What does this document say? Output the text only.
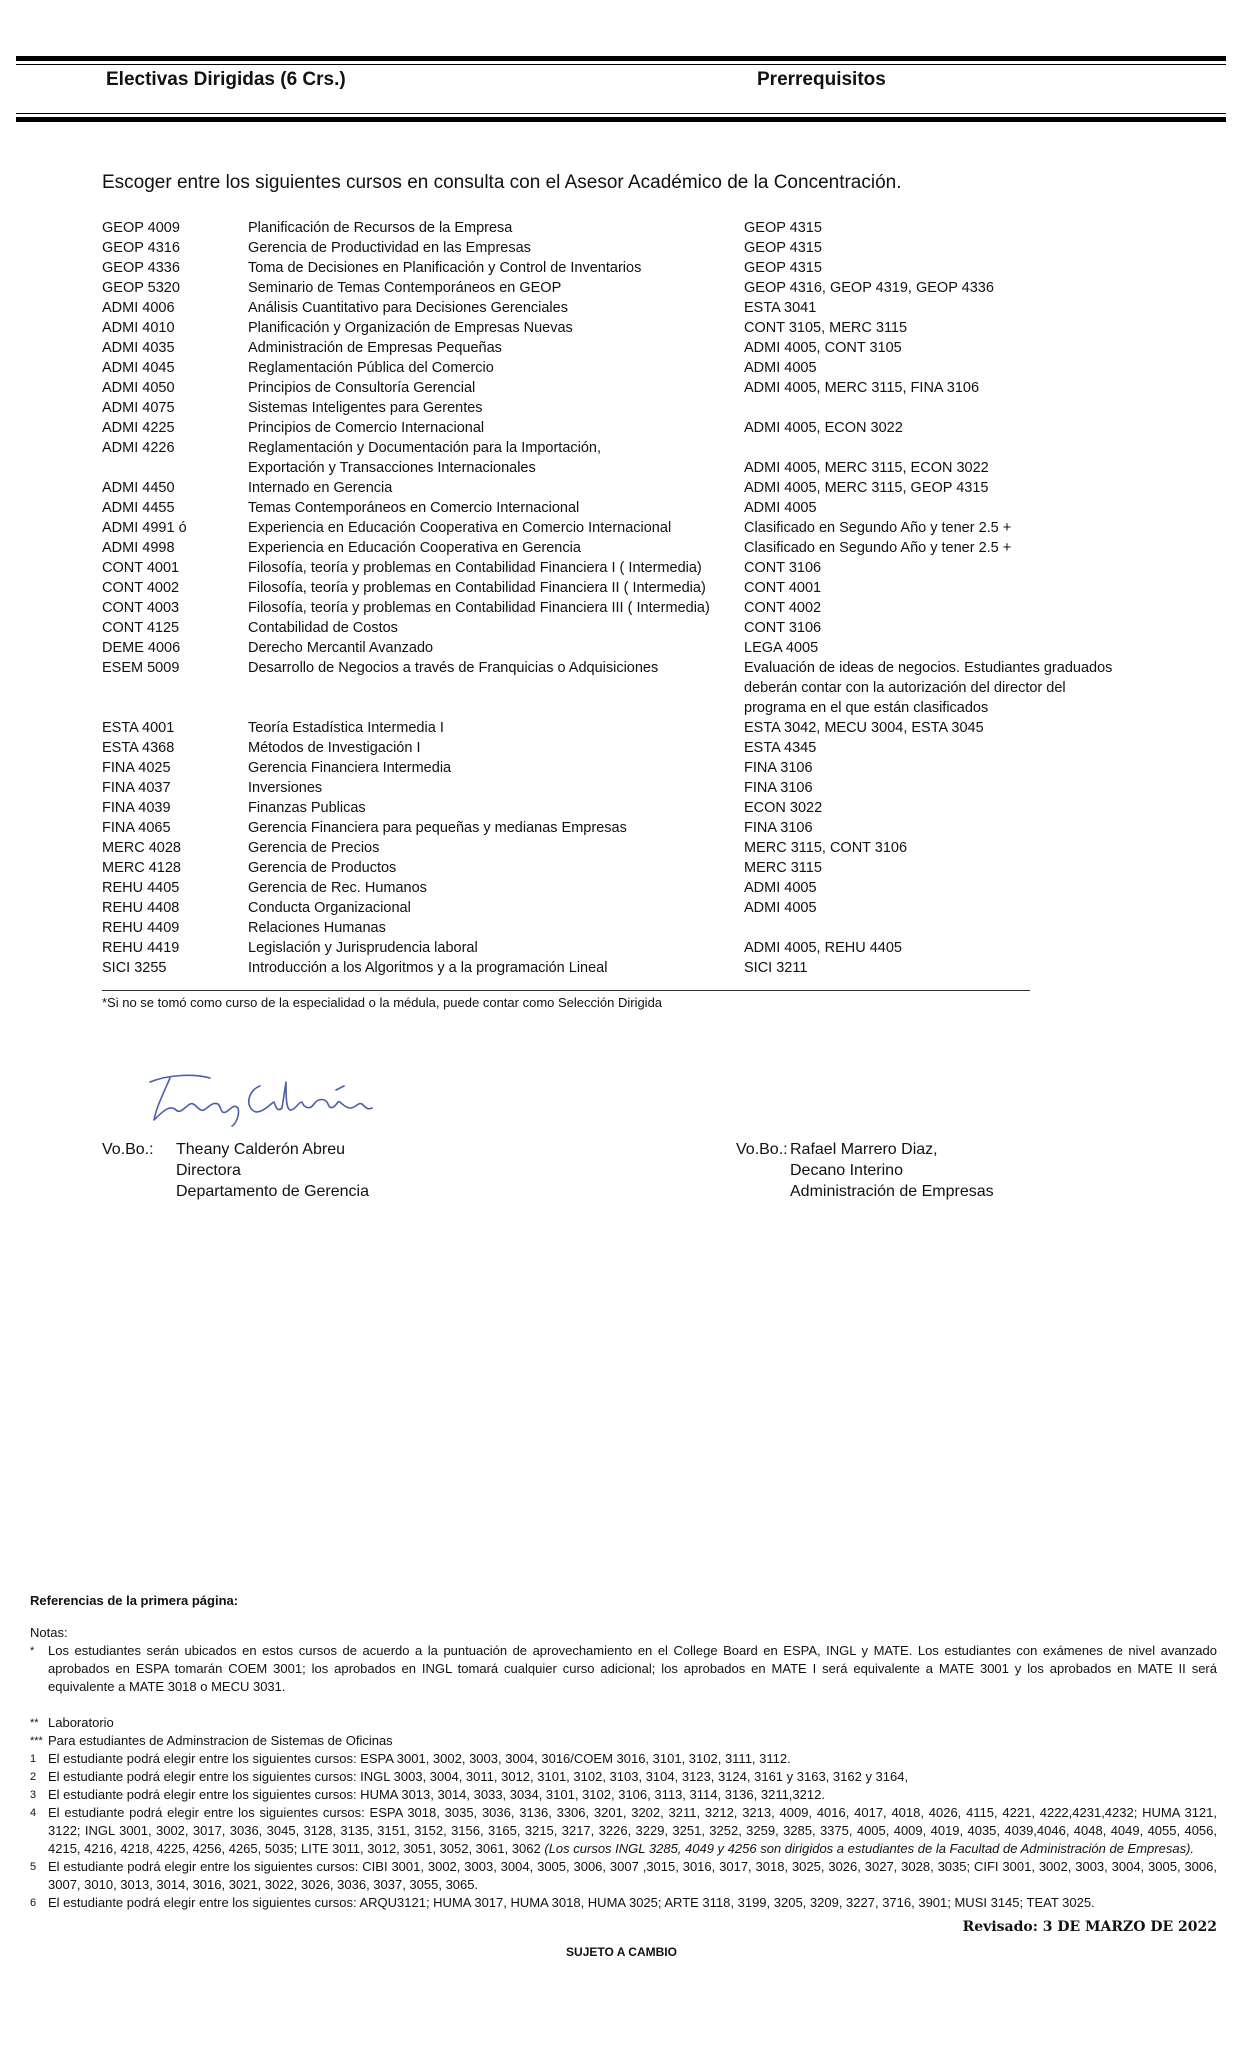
Electivas Dirigidas (6 Crs.)	Prerrequisitos
Escoger entre los siguientes cursos en consulta con el Asesor Académico de la Concentración.
GEOP 4009	Planificación de Recursos de la Empresa	GEOP 4315
GEOP 4316	Gerencia de Productividad en las Empresas	GEOP 4315
GEOP 4336	Toma de Decisiones en Planificación y Control de Inventarios	GEOP 4315
GEOP 5320	Seminario de Temas Contemporáneos en GEOP	GEOP 4316, GEOP 4319, GEOP 4336
ADMI 4006	Análisis Cuantitativo para Decisiones Gerenciales	ESTA 3041
ADMI 4010	Planificación y Organización de Empresas Nuevas	CONT 3105, MERC 3115
ADMI 4035	Administración de Empresas Pequeñas	ADMI 4005, CONT 3105
ADMI 4045	Reglamentación Pública del Comercio	ADMI 4005
ADMI 4050	Principios de Consultoría Gerencial	ADMI 4005, MERC 3115, FINA 3106
ADMI 4075	Sistemas Inteligentes para Gerentes
ADMI 4225	Principios de Comercio Internacional	ADMI 4005, ECON 3022
ADMI 4226	Reglamentación y Documentación para la Importación,
Exportación y Transacciones Internacionales	ADMI 4005, MERC 3115, ECON 3022
ADMI 4450	Internado en Gerencia	ADMI 4005, MERC 3115, GEOP 4315
ADMI 4455	Temas Contemporáneos en Comercio Internacional	ADMI 4005
ADMI 4991 ó	Experiencia en Educación Cooperativa en Comercio Internacional	Clasificado en Segundo Año y tener 2.5 +
ADMI 4998	Experiencia en Educación Cooperativa en Gerencia	Clasificado en Segundo Año y tener 2.5 +
CONT 4001	Filosofía, teoría y problemas en Contabilidad Financiera I ( Intermedia)	CONT 3106
CONT 4002	Filosofía, teoría y problemas en Contabilidad Financiera II ( Intermedia)	CONT 4001
CONT 4003	Filosofía, teoría y problemas en Contabilidad Financiera III ( Intermedia)	CONT 4002
CONT 4125	Contabilidad de Costos	CONT 3106
DEME 4006	Derecho Mercantil Avanzado	LEGA 4005
ESEM 5009	Desarrollo de Negocios a través de Franquicias o Adquisiciones	Evaluación de ideas de negocios. Estudiantes graduados deberán contar con la autorización del director del programa en el que están clasificados
ESTA 4001	Teoría Estadística Intermedia I	ESTA 3042, MECU 3004, ESTA 3045
ESTA 4368	Métodos de Investigación I	ESTA 4345
FINA 4025	Gerencia Financiera Intermedia	FINA 3106
FINA 4037	Inversiones	FINA 3106
FINA 4039	Finanzas Publicas	ECON 3022
FINA 4065	Gerencia Financiera para pequeñas y medianas Empresas	FINA 3106
MERC 4028	Gerencia de Precios	MERC 3115, CONT 3106
MERC 4128	Gerencia de Productos	MERC 3115
REHU 4405	Gerencia de Rec. Humanos	ADMI 4005
REHU 4408	Conducta Organizacional	ADMI 4005
REHU 4409	Relaciones Humanas
REHU 4419	Legislación y Jurisprudencia laboral	ADMI 4005, REHU 4405
SICI 3255	Introducción a los Algoritmos y a la programación Lineal	SICI 3211
*Si no se tomó como curso de la especialidad o la médula, puede contar como Selección Dirigida
Vo.Bo.: Theany Calderón Abreu
Directora
Departamento de Gerencia
Vo.Bo.: Rafael Marrero Diaz,
Decano Interino
Administración de Empresas
Referencias de la primera página:
Notas:
*	Los estudiantes serán ubicados en estos cursos de acuerdo a la puntuación de aprovechamiento en el College Board en ESPA, INGL y MATE. Los estudiantes con exámenes de nivel avanzado aprobados en ESPA tomarán COEM 3001; los aprobados en INGL tomará cualquier curso adicional; los aprobados en MATE I será equivalente a MATE 3001 y los aprobados en MATE II será equivalente a MATE 3018 o MECU 3031.
** Laboratorio
*** Para estudiantes de Adminstracion de Sistemas de Oficinas
1 El estudiante podrá elegir entre los siguientes cursos: ESPA 3001, 3002, 3003, 3004, 3016/COEM 3016, 3101, 3102, 3111, 3112.
2 El estudiante podrá elegir entre los siguientes cursos: INGL 3003, 3004, 3011, 3012, 3101, 3102, 3103, 3104, 3123, 3124, 3161 y 3163, 3162 y 3164,
3 El estudiante podrá elegir entre los siguientes cursos: HUMA 3013, 3014, 3033, 3034, 3101, 3102, 3106, 3113, 3114, 3136, 3211,3212.
4 El estudiante podrá elegir entre los siguientes cursos: ESPA 3018, 3035, 3036, 3136, 3306, 3201, 3202, 3211, 3212, 3213, 4009, 4016, 4017, 4018, 4026, 4115, 4221, 4222,4231,4232; HUMA 3121, 3122; INGL 3001, 3002, 3017, 3036, 3045, 3128, 3135, 3151, 3152, 3156, 3165, 3215, 3217, 3226, 3229, 3251, 3252, 3259, 3285, 3375, 4005, 4009, 4019, 4035, 4039,4046, 4048, 4049, 4055, 4056, 4215, 4216, 4218, 4225, 4256, 4265, 5035; LITE 3011, 3012, 3051, 3052, 3061, 3062 (Los cursos INGL 3285, 4049 y 4256 son dirigidos a estudiantes de la Facultad de Administración de Empresas).
5 El estudiante podrá elegir entre los siguientes cursos: CIBI 3001, 3002, 3003, 3004, 3005, 3006, 3007 ,3015, 3016, 3017, 3018, 3025, 3026, 3027, 3028, 3035; CIFI 3001, 3002, 3003, 3004, 3005, 3006, 3007, 3010, 3013, 3014, 3016, 3021, 3022, 3026, 3036, 3037, 3055, 3065.
6 El estudiante podrá elegir entre los siguientes cursos: ARQU3121; HUMA 3017, HUMA 3018, HUMA 3025; ARTE 3118, 3199, 3205, 3209, 3227, 3716, 3901; MUSI 3145; TEAT 3025.
Revisado: 3 DE MARZO DE 2022
SUJETO A CAMBIO
